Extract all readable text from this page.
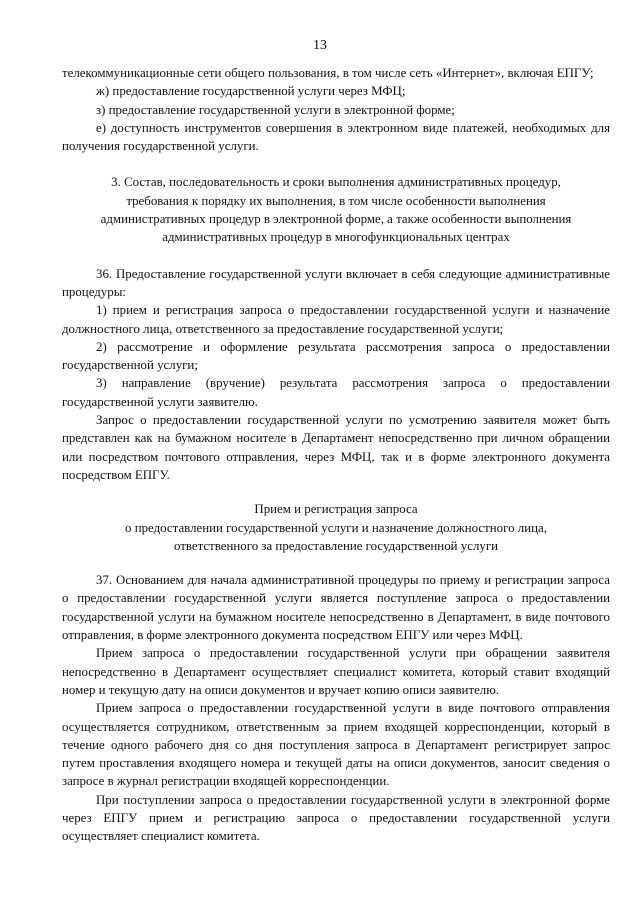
13

телекоммуникационные сети общего пользования, в том числе сеть «Интернет», включая ЕПГУ;

ж) предоставление государственной услуги через МФЦ;

з) предоставление государственной услуги в электронной форме;

е) доступность инструментов совершения в электронном виде платежей, необходимых для получения государственной услуги.

3. Состав, последовательность и сроки выполнения административных процедур,

требования к порядку их выполнения, в том числе особенности выполнения

административных процедур в электронной форме, а также особенности выполнения

административных процедур в многофункциональных центрах

36. Предоставление государственной услуги включает в себя следующие административные процедуры:

1) прием и регистрация запроса о предоставлении государственной услуги и назначение должностного лица, ответственного за предоставление государственной услуги;

2) рассмотрение и оформление результата рассмотрения запроса о предоставлении государственной услуги;

3) направление (вручение) результата рассмотрения запроса о предоставлении государственной услуги заявителю.

Запрос о предоставлении государственной услуги по усмотрению заявителя может быть представлен как на бумажном носителе в Департамент непосредственно при личном обращении или посредством почтового отправления, через МФЦ, так и в форме электронного документа посредством ЕПГУ.

Прием и регистрация запроса

о предоставлении государственной услуги и назначение должностного лица,

ответственного за предоставление государственной услуги

37. Основанием для начала административной процедуры по приему и регистрации запроса о предоставлении государственной услуги является поступление запроса о предоставлении государственной услуги на бумажном носителе непосредственно в Департамент, в виде почтового отправления, в форме электронного документа посредством ЕПГУ или через МФЦ.

Прием запроса о предоставлении государственной услуги при обращении заявителя непосредственно в Департамент осуществляет специалист комитета, который ставит входящий номер и текущую дату на описи документов и вручает копию описи заявителю.

Прием запроса о предоставлении государственной услуги в виде почтового отправления осуществляется сотрудником, ответственным за прием входящей корреспонденции, который в течение одного рабочего дня со дня поступления запроса в Департамент регистрирует запрос путем проставления входящего номера и текущей даты на описи документов, заносит сведения о запросе в журнал регистрации входящей корреспонденции.

При поступлении запроса о предоставлении государственной услуги в электронной форме через ЕПГУ прием и регистрацию запроса о предоставлении государственной услуги осуществляет специалист комитета.
